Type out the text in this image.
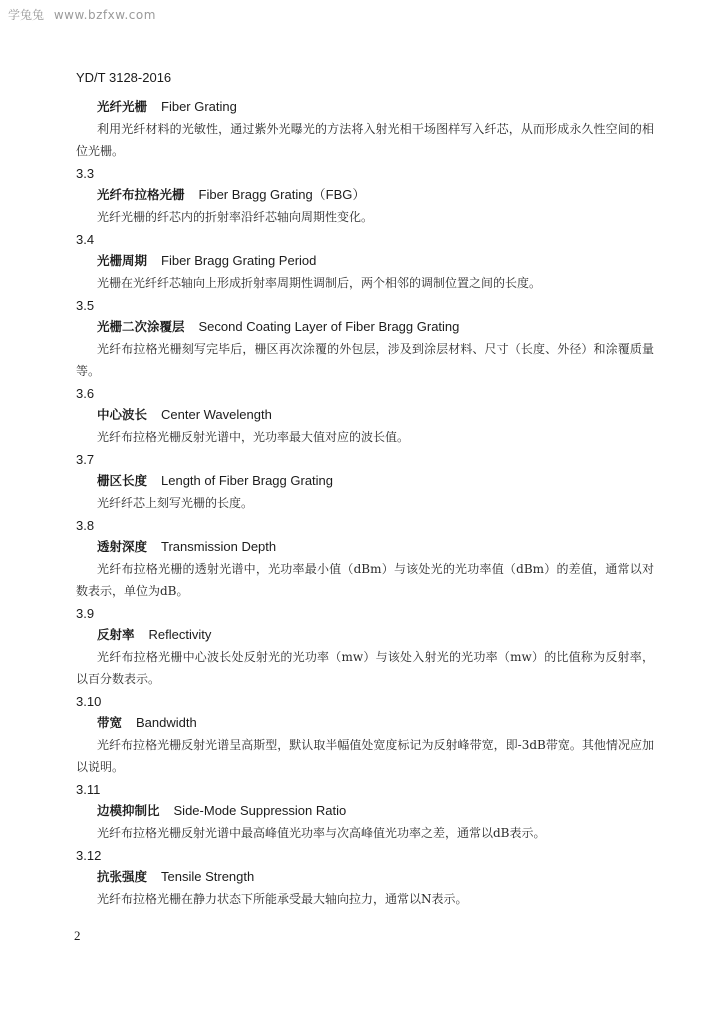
学兔兔 www.bzfxw.com
YD/T 3128-2016
光纤光栅 Fiber Grating
利用光纤材料的光敏性，通过紫外光曝光的方法将入射光相干场图样写入纤芯，从而形成永久性空间的相位光栅。
3.3
光纤布拉格光栅 Fiber Bragg Grating（FBG）
光纤光栅的纤芯内的折射率沿纤芯轴向周期性变化。
3.4
光栅周期 Fiber Bragg Grating Period
光栅在光纤纤芯轴向上形成折射率周期性调制后，两个相邻的调制位置之间的长度。
3.5
光栅二次涂覆层 Second Coating Layer of Fiber Bragg Grating
光纤布拉格光栅刻写完毕后，栅区再次涂覆的外包层，涉及到涂层材料、尺寸（长度、外径）和涂覆质量等。
3.6
中心波长 Center Wavelength
光纤布拉格光栅反射光谱中，光功率最大值对应的波长值。
3.7
栅区长度 Length of Fiber Bragg Grating
光纤纤芯上刻写光栅的长度。
3.8
透射深度 Transmission Depth
光纤布拉格光栅的透射光谱中，光功率最小值（dBm）与该处光的光功率值（dBm）的差值，通常以对数表示，单位为dB。
3.9
反射率 Reflectivity
光纤布拉格光栅中心波长处反射光的光功率（mw）与该处入射光的光功率（mw）的比值称为反射率，以百分数表示。
3.10
带宽 Bandwidth
光纤布拉格光栅反射光谱呈高斯型，默认取半幅值处宽度标记为反射峰带宽，即-3dB带宽。其他情况应加以说明。
3.11
边模抑制比 Side-Mode Suppression Ratio
光纤布拉格光栅反射光谱中最高峰值光功率与次高峰值光功率之差，通常以dB表示。
3.12
抗张强度 Tensile Strength
光纤布拉格光栅在静力状态下所能承受最大轴向拉力，通常以N表示。
2
